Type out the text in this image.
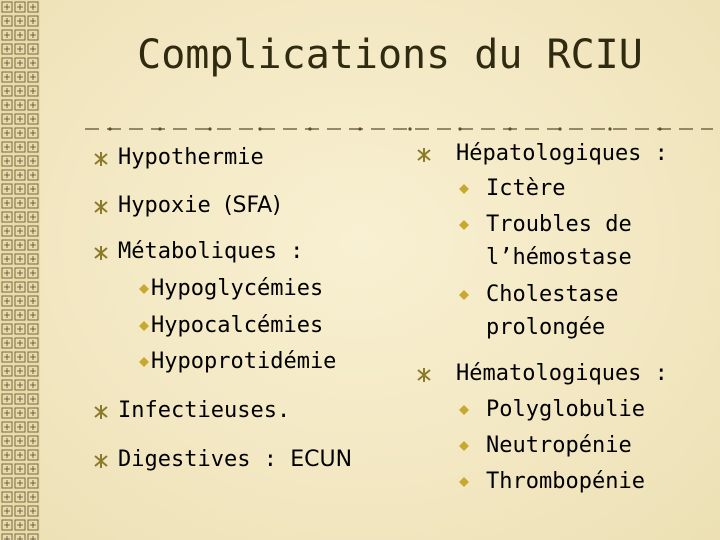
Complications du RCIU
Hypothermie
Hypoxie (SFA)
Métaboliques :
Hypoglycémies
Hypocalcémies
Hypoprotidémie
Infectieuses.
Digestives : ECUN
Hépatologiques :
Ictère
Troubles de
l’hémostase
Cholestase
prolongée
Hématologiques :
Polyglobulie
Neutropénie
Thrombopénie
